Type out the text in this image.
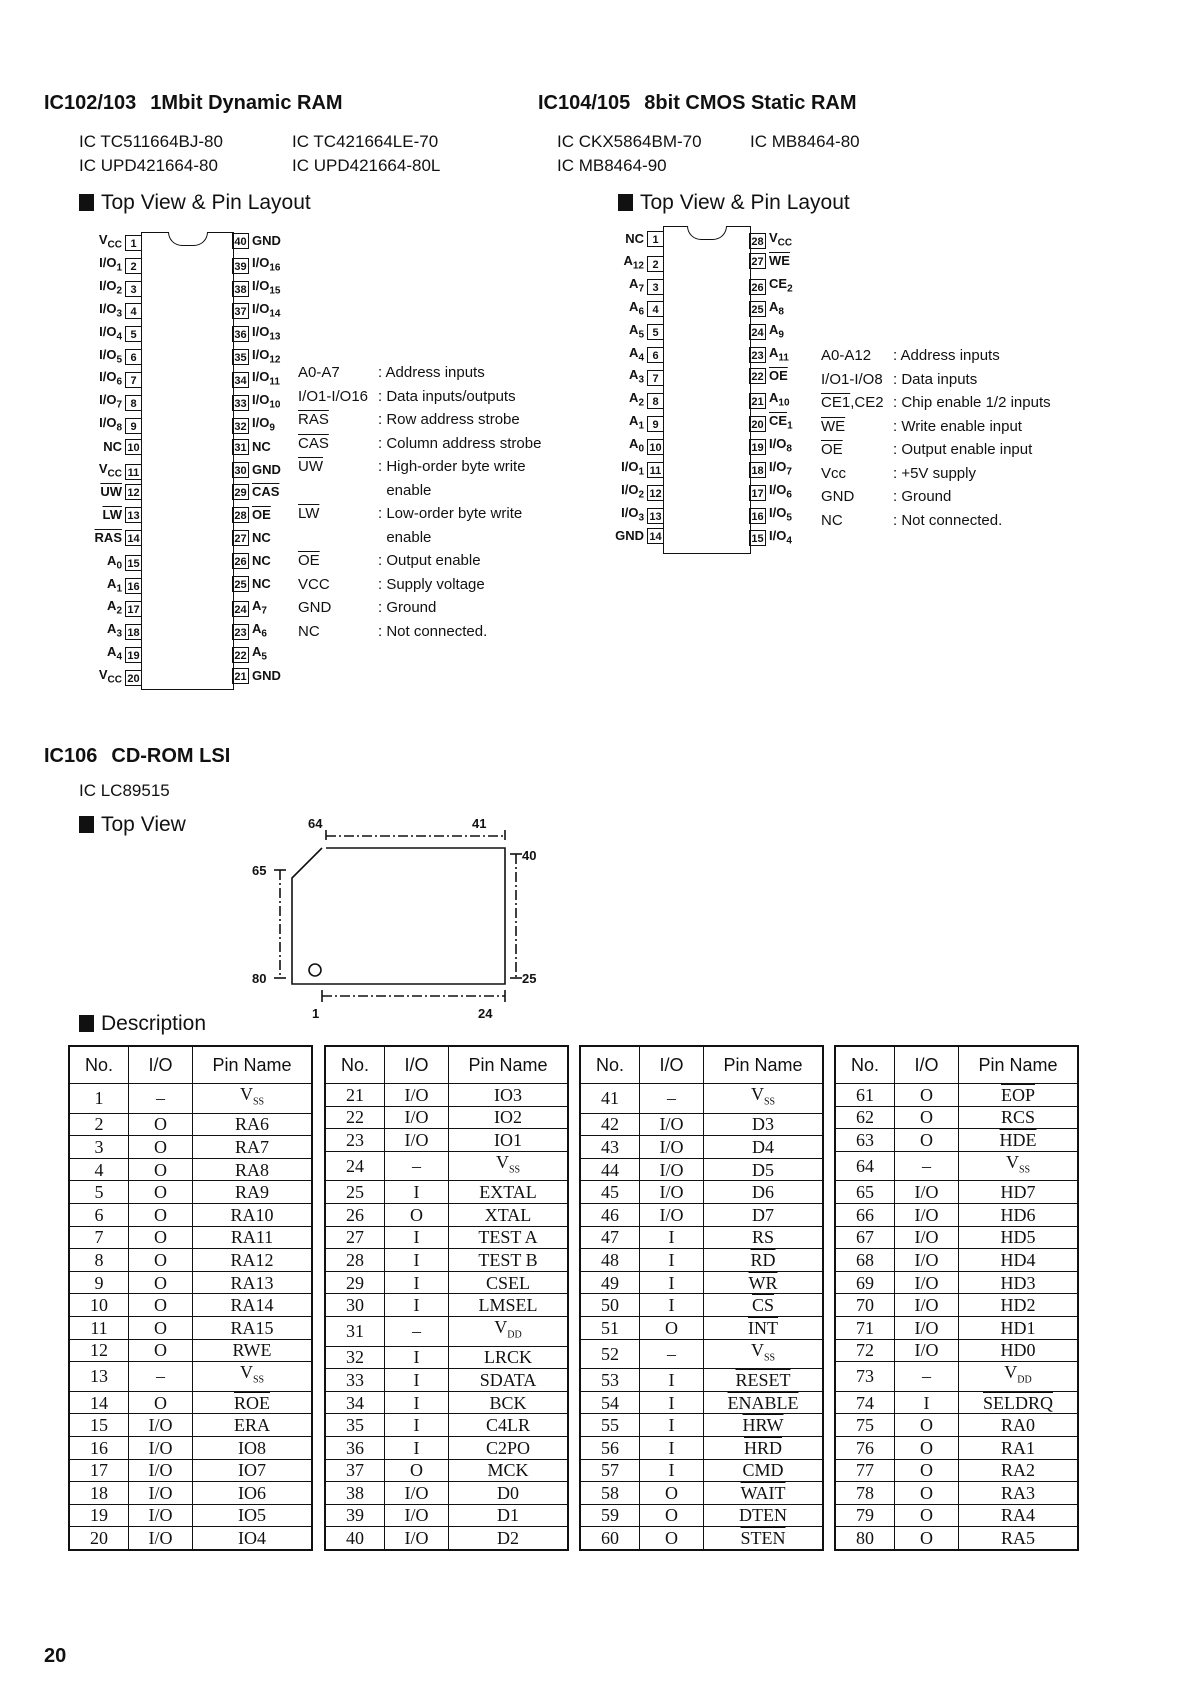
IC102/103 1Mbit Dynamic RAM
IC TC511664BJ-80	IC TC421664LE-70
IC UPD421664-80	IC UPD421664-80L
Top View & Pin Layout
$V_{CC}$ 1
$I/O_1$ 2
$I/O_2$ 3
$I/O_3$ 4
$I/O_4$ 5
$I/O_5$ 6
$I/O_6$ 7
$I/O_7$ 8
$I/O_8$ 9
NC 10
$V_{CC}$ 11
$\overline{UW}$ 12
$\overline{LW}$ 13
$\overline{RAS}$ 14
$A_0$ 15
$A_1$ 16
$A_2$ 17
$A_3$ 18
$A_4$ 19
$V_{CC}$ 20
40 GND
39 $I/O_{16}$
38 $I/O_{15}$
37 $I/O_{14}$
36 $I/O_{13}$
35 $I/O_{12}$
34 $I/O_{11}$
33 $I/O_{10}$
32 $I/O_9$
31 NC
30 GND
29 $\overline{CAS}$
28 $\overline{OE}$
27 NC
26 NC
25 NC
24 $A_7$
23 $A_6$
22 $A_5$
21 GND
A0-A7	: Address inputs
I/O1-I/O16 : Data inputs/outputs
$\overline{RAS}$	: Row address strobe
$\overline{CAS}$	: Column address strobe
$\overline{UW}$	: High-order byte write
enable
$\overline{LW}$	: Low-order byte write
enable
$\overline{OE}$	: Output enable
VCC	: Supply voltage
GND	: Ground
NC	: Not connected.
IC104/105 8bit CMOS Static RAM
IC CKX5864BM-70	IC MB8464-80
IC MB8464-90
Top View & Pin Layout
NC 1
$A_{12}$ 2
$A_7$ 3
$A_6$ 4
$A_5$ 5
$A_4$ 6
$A_3$ 7
$A_2$ 8
$A_1$ 9
$A_0$ 10
$I/O_1$ 11
$I/O_2$ 12
$I/O_3$ 13
GND 14
28 $V_{CC}$
27 $\overline{WE}$
26 $CE_2$
25 $A_8$
24 $A_9$
23 $A_{11}$
22 $\overline{OE}$
21 $A_{10}$
20 $\overline{CE}_1$
19 $I/O_8$
18 $I/O_7$
17 $I/O_6$
16 $I/O_5$
15 $I/O_4$
A0-A12 : Address inputs
I/O1-I/O8 : Data inputs
CE1,CE2 : Chip enable 1/2 inputs
$\overline{WE}$	: Write enable input
$\overline{OE}$	: Output enable input
Vcc	: +5V supply
GND	: Ground
NC	: Not connected.
IC106 CD-ROM LSI
IC LC89515
Top View	64	41
65
40
80	25
1	24
Description
No.	I/O	Pin Name
1	–	$V_{SS}$
2	O	RA6
3	O	RA7
4	O	RA8
5	O	RA9
6	O	RA10
7	O	RA11
8	O	RA12
9	O	RA13
10	O	RA14
11	O	RA15
12	O	$\overline{RWE}$
13	–	$V_{SS}$
14	O	$\overline{ROE}$
15	I/O	ERA
16	I/O	IO8
17	I/O	IO7
18	I/O	IO6
19	I/O	IO5
20	I/O	IO4
No.	I/O	Pin Name
21	I/O	IO3
22	I/O	IO2
23	I/O	IO1
24	–	$V_{SS}$
25	I	EXTAL
26	O	XTAL
27	I	TEST A
28	I	TEST B
29	I	CSEL
30	I	LMSEL
31	–	$V_{DD}$
32	I	LRCK
33	I	SDATA
34	I	BCK
35	I	C4LR
36	I	C2PO
37	O	MCK
38	I/O	D0
39	I/O	D1
40	I/O	D2
No.	I/O	Pin Name
41	–	$V_{SS}$
42	I/O	D3
43	I/O	D4
44	I/O	D5
45	I/O	D6
46	I/O	D7
47	I	RS
48	I	$\overline{RD}$
49	I	$\overline{WR}$
50	I	$\overline{CS}$
51	O	$\overline{INT}$
52	–	$V_{SS}$
53	I	RESET
54	I	ENABLE
55	I	$\overline{HRW}$
56	I	$\overline{HRD}$
57	I	$\overline{CMD}$
58	O	WAIT
59	O	DTEN
60	O	STEN
No.	I/O	Pin Name
61	O	$\overline{EOP}$
62	O	$\overline{RCS}$
63	O	$\overline{HDE}$
64	–	$V_{SS}$
65	I/O	HD7
66	I/O	HD6
67	I/O	HD5
68	I/O	HD4
69	I/O	HD3
70	I/O	HD2
71	I/O	HD1
72	I/O	HD0
73	–	$V_{DD}$
74	I	SELDRQ
75	O	RA0
76	O	RA1
77	O	RA2
78	O	RA3
79	O	RA4
80	O	RA5
20
